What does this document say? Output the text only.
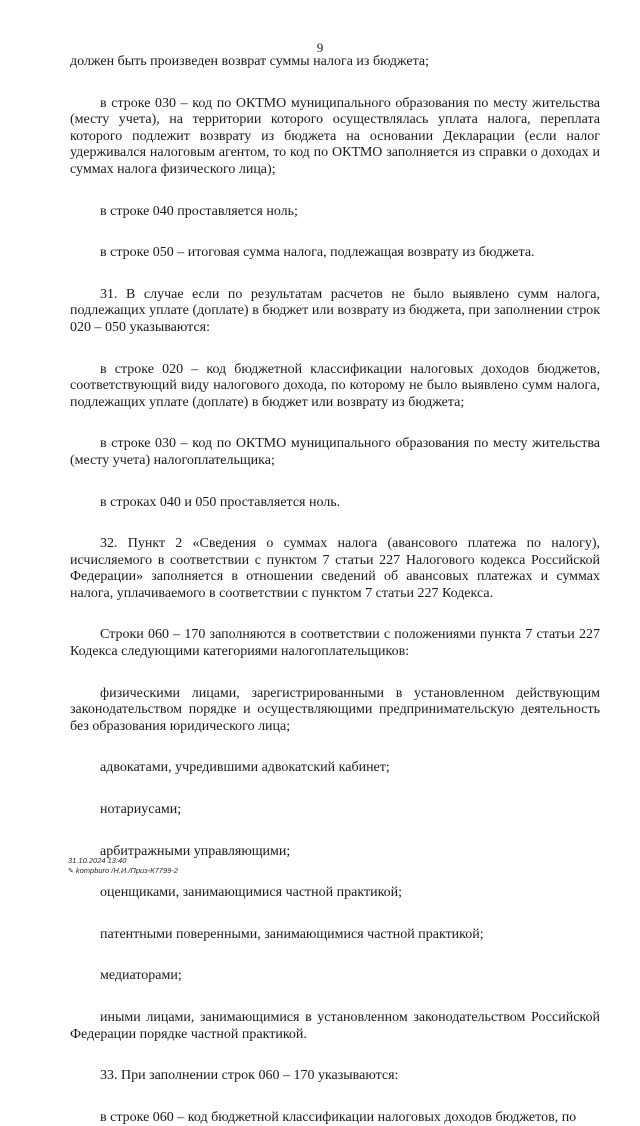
9

должен быть произведен возврат суммы налога из бюджета;

в строке 030 – код по ОКТМО муниципального образования по месту жительства (месту учета), на территории которого осуществлялась уплата налога, переплата которого подлежит возврату из бюджета на основании Декларации (если налог удерживался налоговым агентом, то код по ОКТМО заполняется из справки о доходах и суммах налога физического лица);

в строке 040 проставляется ноль;

в строке 050 – итоговая сумма налога, подлежащая возврату из бюджета.

31. В случае если по результатам расчетов не было выявлено сумм налога, подлежащих уплате (доплате) в бюджет или возврату из бюджета, при заполнении строк 020 – 050 указываются:

в строке 020 – код бюджетной классификации налоговых доходов бюджетов, соответствующий виду налогового дохода, по которому не было выявлено сумм налога, подлежащих уплате (доплате) в бюджет или возврату из бюджета;

в строке 030 – код по ОКТМО муниципального образования по месту жительства (месту учета) налогоплательщика;

в строках 040 и 050 проставляется ноль.

32. Пункт 2 «Сведения о суммах налога (авансового платежа по налогу), исчисляемого в соответствии с пунктом 7 статьи 227 Налогового кодекса Российской Федерации» заполняется в отношении сведений об авансовых платежах и суммах налога, уплачиваемого в соответствии с пунктом 7 статьи 227 Кодекса.

Строки 060 – 170 заполняются в соответствии с положениями пункта 7 статьи 227 Кодекса следующими категориями налогоплательщиков:

физическими лицами, зарегистрированными в установленном действующим законодательством порядке и осуществляющими предпринимательскую деятельность без образования юридического лица;

адвокатами, учредившими адвокатский кабинет;

нотариусами;

арбитражными управляющими;

оценщиками, занимающимися частной практикой;

патентными поверенными, занимающимися частной практикой;

медиаторами;

иными лицами, занимающимися в установленном законодательством Российской Федерации порядке частной практикой.

33. При заполнении строк 060 – 170 указываются:

в строке 060 – код бюджетной классификации налоговых доходов бюджетов, по

31.10.2024 13:40
✎ kompburo /Н.И./Приз-К7799-2
